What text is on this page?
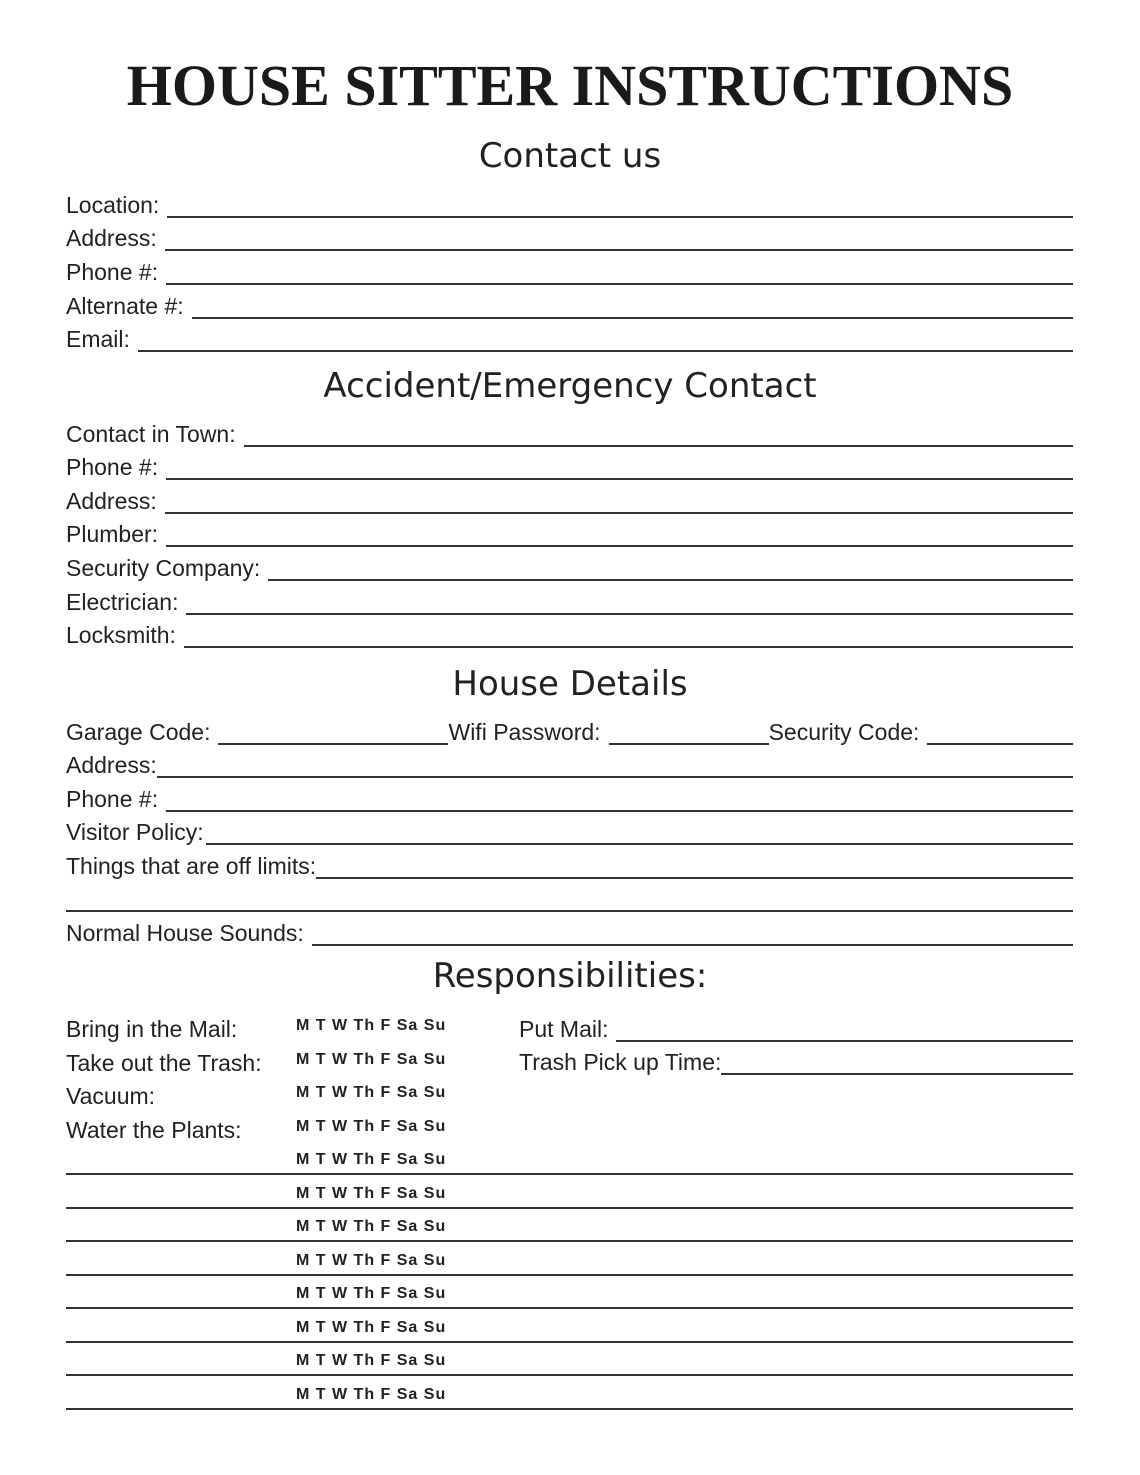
HOUSE SITTER INSTRUCTIONS
Contact us
Location:
Address:
Phone #:
Alternate #:
Email:
Accident/Emergency Contact
Contact in Town:
Phone #:
Address:
Plumber:
Security Company:
Electrician:
Locksmith:
House Details
Garage Code:	Wifi Password:	Security Code:
Address:
Phone #:
Visitor Policy:
Things that are off limits:
Normal House Sounds:
Responsibilities:
Bring in the Mail:
Take out the Trash:
Vacuum:
Water the Plants:
M T W Th F Sa Su
M T W Th F Sa Su
M T W Th F Sa Su
M T W Th F Sa Su
M T W Th F Sa Su
M T W Th F Sa Su
M T W Th F Sa Su
M T W Th F Sa Su
M T W Th F Sa Su
M T W Th F Sa Su
M T W Th F Sa Su
M T W Th F Sa Su
Put Mail:
Trash Pick up Time:
